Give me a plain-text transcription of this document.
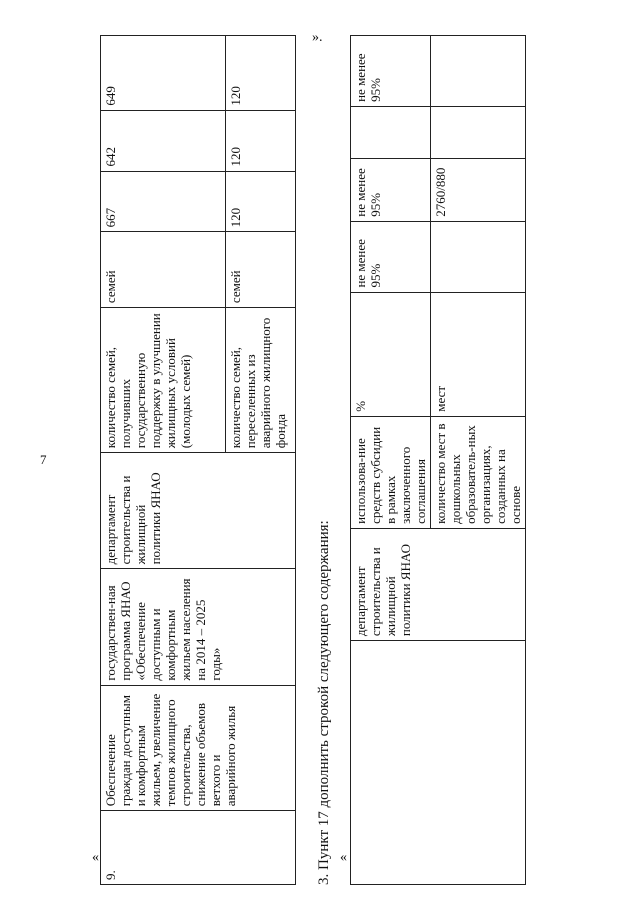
7
«
».
«
3. Пункт 17 дополнить строкой следующего содержания:
9.	Обеспечение граждан доступным и комфортным жильем, увеличение темпов жилищного строительства, снижение объемов ветхого и аварийного жилья	государствен-ная программа ЯНАО «Обеспечение доступным и комфортным жильем населения на 2014 – 2025 годы»	департамент строительства и жилищной политики ЯНАО	количество семей, получивших государственную поддержку в улучшении жилищных условий (молодых семей)	семей	667	642	649
				количество семей, переселенных из аварийного жилищного фонда	семей	120	120	120
	департамент строительства и жилищной политики ЯНАО	использова-ние средств субсидии в рамках заключенного соглашения	%	не менее 95%	не менее 95%		не менее 95%
		количество мест в дошкольных образователь-ных организациях, созданных на основе	мест		2760/880		
